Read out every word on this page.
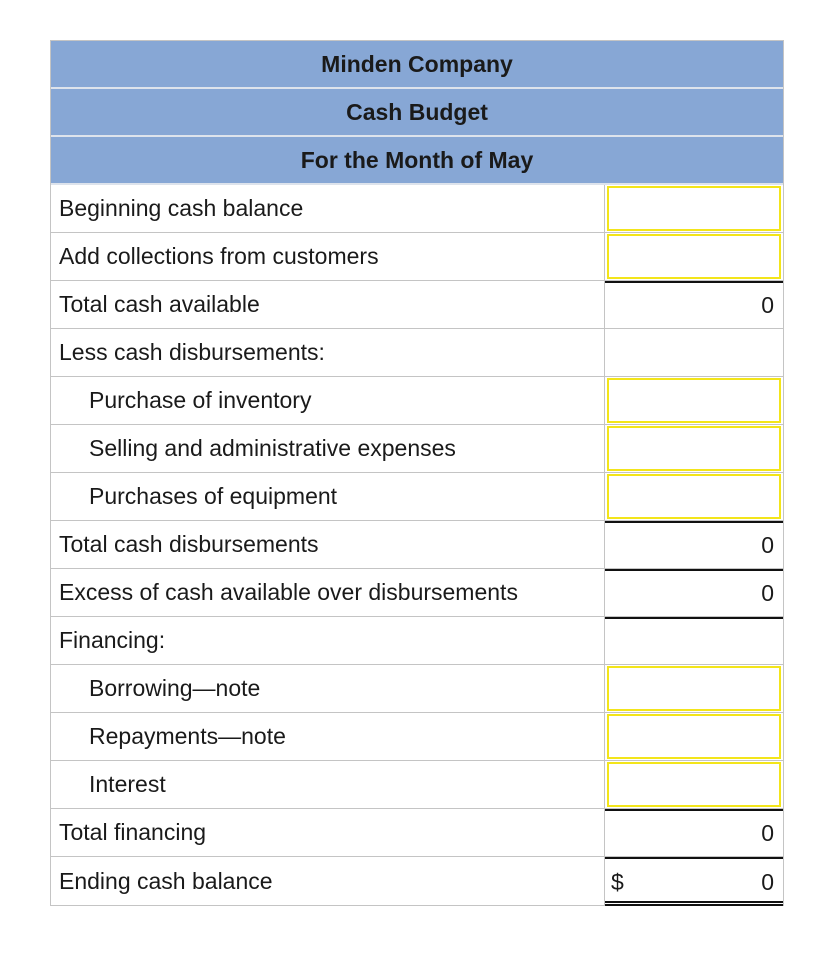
Minden Company
Cash Budget
For the Month of May
Beginning cash balance
Add collections from customers
Total cash available	0
Less cash disbursements:
Purchase of inventory
Selling and administrative expenses
Purchases of equipment
Total cash disbursements	0
Excess of cash available over disbursements	0
Financing:
Borrowing—note
Repayments—note
Interest
Total financing	0
Ending cash balance	$	0
